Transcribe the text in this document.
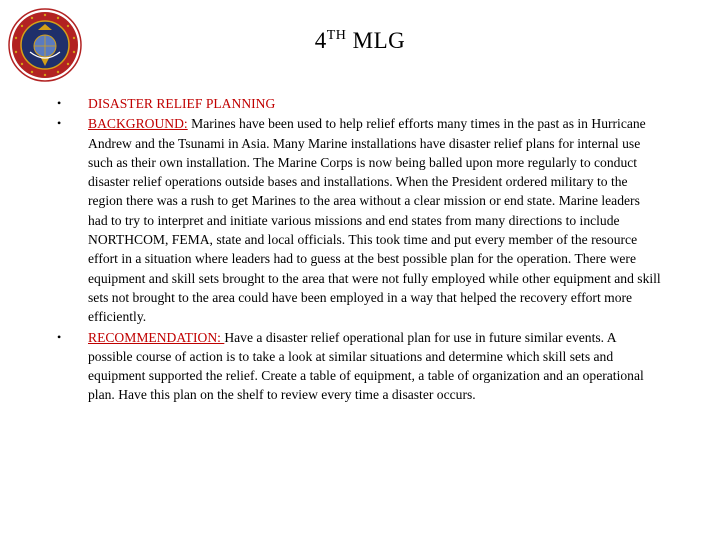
4TH MLG
• DISASTER RELIEF PLANNING
• BACKGROUND: Marines have been used to help relief efforts many times in the past as in Hurricane Andrew and the Tsunami in Asia. Many Marine installations have disaster relief plans for internal use such as their own installation. The Marine Corps is now being balled upon more regularly to conduct disaster relief operations outside bases and installations. When the President ordered military to the region there was a rush to get Marines to the area without a clear mission or end state. Marine leaders had to try to interpret and initiate various missions and end states from many directions to include NORTHCOM, FEMA, state and local officials. This took time and put every member of the resource effort in a situation where leaders had to guess at the best possible plan for the operation. There were equipment and skill sets brought to the area that were not fully employed while other equipment and skill sets not brought to the area could have been employed in a way that helped the recovery effort more efficiently.
• RECOMMENDATION: Have a disaster relief operational plan for use in future similar events. A possible course of action is to take a look at similar situations and determine which skill sets and equipment supported the relief. Create a table of equipment, a table of organization and an operational plan. Have this plan on the shelf to review every time a disaster occurs.
